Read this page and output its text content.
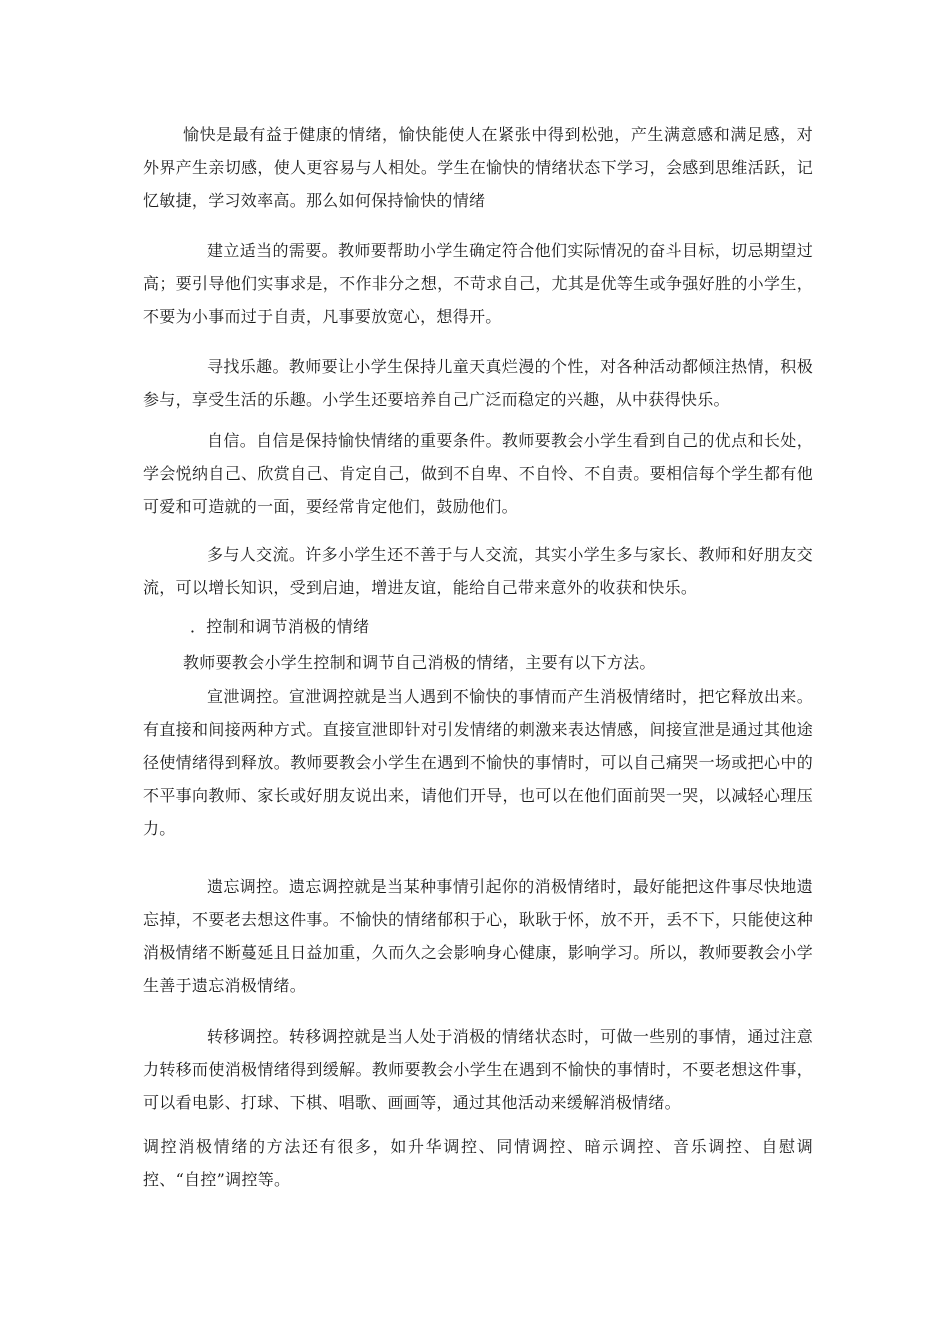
愉快是最有益于健康的情绪，愉快能使人在紧张中得到松弛，产生满意感和满足感，对外界产生亲切感，使人更容易与人相处。学生在愉快的情绪状态下学习，会感到思维活跃，记忆敏捷，学习效率高。那么如何保持愉快的情绪

建立适当的需要。教师要帮助小学生确定符合他们实际情况的奋斗目标，切忌期望过高；要引导他们实事求是，不作非分之想，不苛求自己，尤其是优等生或争强好胜的小学生，不要为小事而过于自责，凡事要放宽心，想得开。

寻找乐趣。教师要让小学生保持儿童天真烂漫的个性，对各种活动都倾注热情，积极参与，享受生活的乐趣。小学生还要培养自己广泛而稳定的兴趣，从中获得快乐。

自信。自信是保持愉快情绪的重要条件。教师要教会小学生看到自己的优点和长处，学会悦纳自己、欣赏自己、肯定自己，做到不自卑、不自怜、不自责。要相信每个学生都有他可爱和可造就的一面，要经常肯定他们，鼓励他们。

多与人交流。许多小学生还不善于与人交流，其实小学生多与家长、教师和好朋友交流，可以增长知识，受到启迪，增进友谊，能给自己带来意外的收获和快乐。

．控制和调节消极的情绪

教师要教会小学生控制和调节自己消极的情绪，主要有以下方法。

宣泄调控。宣泄调控就是当人遇到不愉快的事情而产生消极情绪时，把它释放出来。有直接和间接两种方式。直接宣泄即针对引发情绪的刺激来表达情感，间接宣泄是通过其他途径使情绪得到释放。教师要教会小学生在遇到不愉快的事情时，可以自己痛哭一场或把心中的不平事向教师、家长或好朋友说出来，请他们开导，也可以在他们面前哭一哭，以减轻心理压力。

遗忘调控。遗忘调控就是当某种事情引起你的消极情绪时，最好能把这件事尽快地遗忘掉，不要老去想这件事。不愉快的情绪郁积于心，耿耿于怀，放不开，丢不下，只能使这种消极情绪不断蔓延且日益加重，久而久之会影响身心健康，影响学习。所以，教师要教会小学生善于遗忘消极情绪。

转移调控。转移调控就是当人处于消极的情绪状态时，可做一些别的事情，通过注意力转移而使消极情绪得到缓解。教师要教会小学生在遇到不愉快的事情时，不要老想这件事，可以看电影、打球、下棋、唱歌、画画等，通过其他活动来缓解消极情绪。

调控消极情绪的方法还有很多，如升华调控、同情调控、暗示调控、音乐调控、自慰调控、“自控”调控等。
